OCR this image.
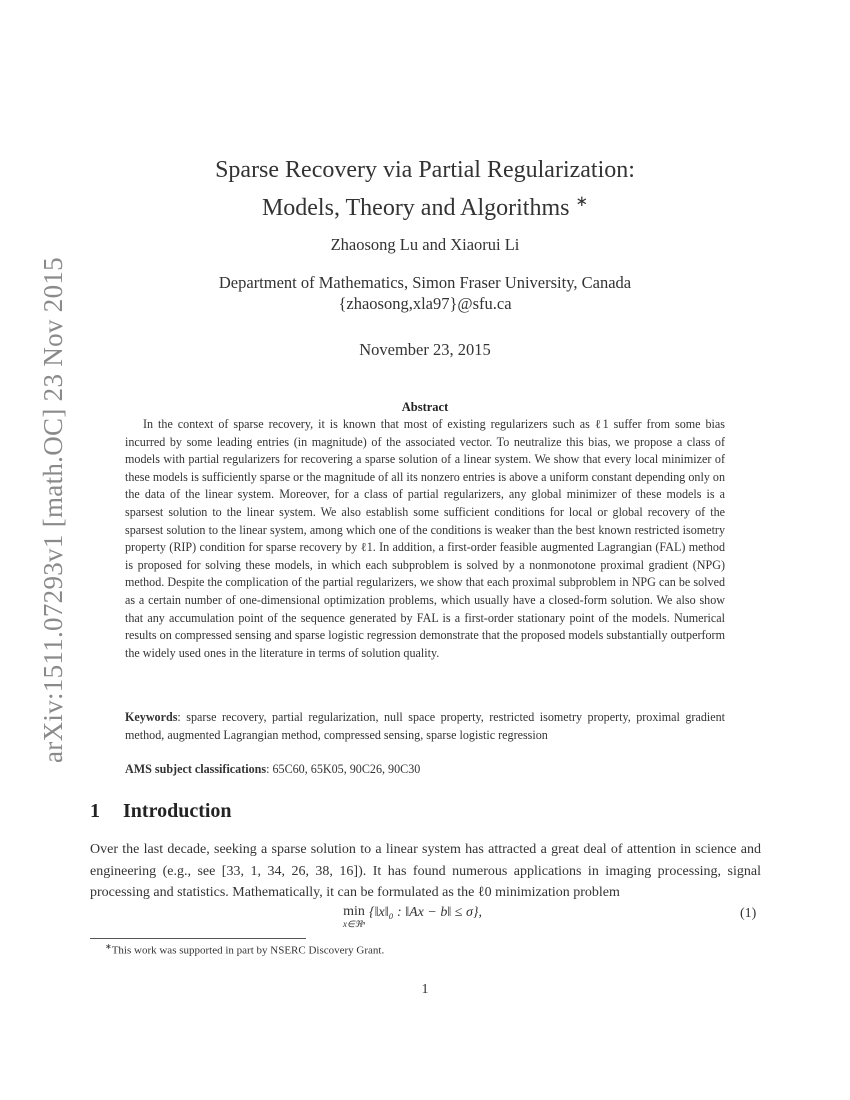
arXiv:1511.07293v1 [math.OC] 23 Nov 2015
Sparse Recovery via Partial Regularization:
Models, Theory and Algorithms ∗
Zhaosong Lu and Xiaorui Li
Department of Mathematics, Simon Fraser University, Canada
{zhaosong,xla97}@sfu.ca
November 23, 2015
Abstract
In the context of sparse recovery, it is known that most of existing regularizers such as ℓ1 suffer from some bias incurred by some leading entries (in magnitude) of the associated vector. To neutralize this bias, we propose a class of models with partial regularizers for recovering a sparse solution of a linear system. We show that every local minimizer of these models is sufficiently sparse or the magnitude of all its nonzero entries is above a uniform constant depending only on the data of the linear system. Moreover, for a class of partial regularizers, any global minimizer of these models is a sparsest solution to the linear system. We also establish some sufficient conditions for local or global recovery of the sparsest solution to the linear system, among which one of the conditions is weaker than the best known restricted isometry property (RIP) condition for sparse recovery by ℓ1. In addition, a first-order feasible augmented Lagrangian (FAL) method is proposed for solving these models, in which each subproblem is solved by a nonmonotone proximal gradient (NPG) method. Despite the complication of the partial regularizers, we show that each proximal subproblem in NPG can be solved as a certain number of one-dimensional optimization problems, which usually have a closed-form solution. We also show that any accumulation point of the sequence generated by FAL is a first-order stationary point of the models. Numerical results on compressed sensing and sparse logistic regression demonstrate that the proposed models substantially outperform the widely used ones in the literature in terms of solution quality.
Keywords: sparse recovery, partial regularization, null space property, restricted isometry property, proximal gradient method, augmented Lagrangian method, compressed sensing, sparse logistic regression
AMS subject classifications: 65C60, 65K05, 90C26, 90C30
1 Introduction
Over the last decade, seeking a sparse solution to a linear system has attracted a great deal of attention in science and engineering (e.g., see [33, 1, 34, 26, 38, 16]). It has found numerous applications in imaging processing, signal processing and statistics. Mathematically, it can be formulated as the ℓ0 minimization problem
min
x∈ℜⁿ
{‖x‖₀ : ‖Ax − b‖ ≤ σ},	(1)
∗This work was supported in part by NSERC Discovery Grant.
1
